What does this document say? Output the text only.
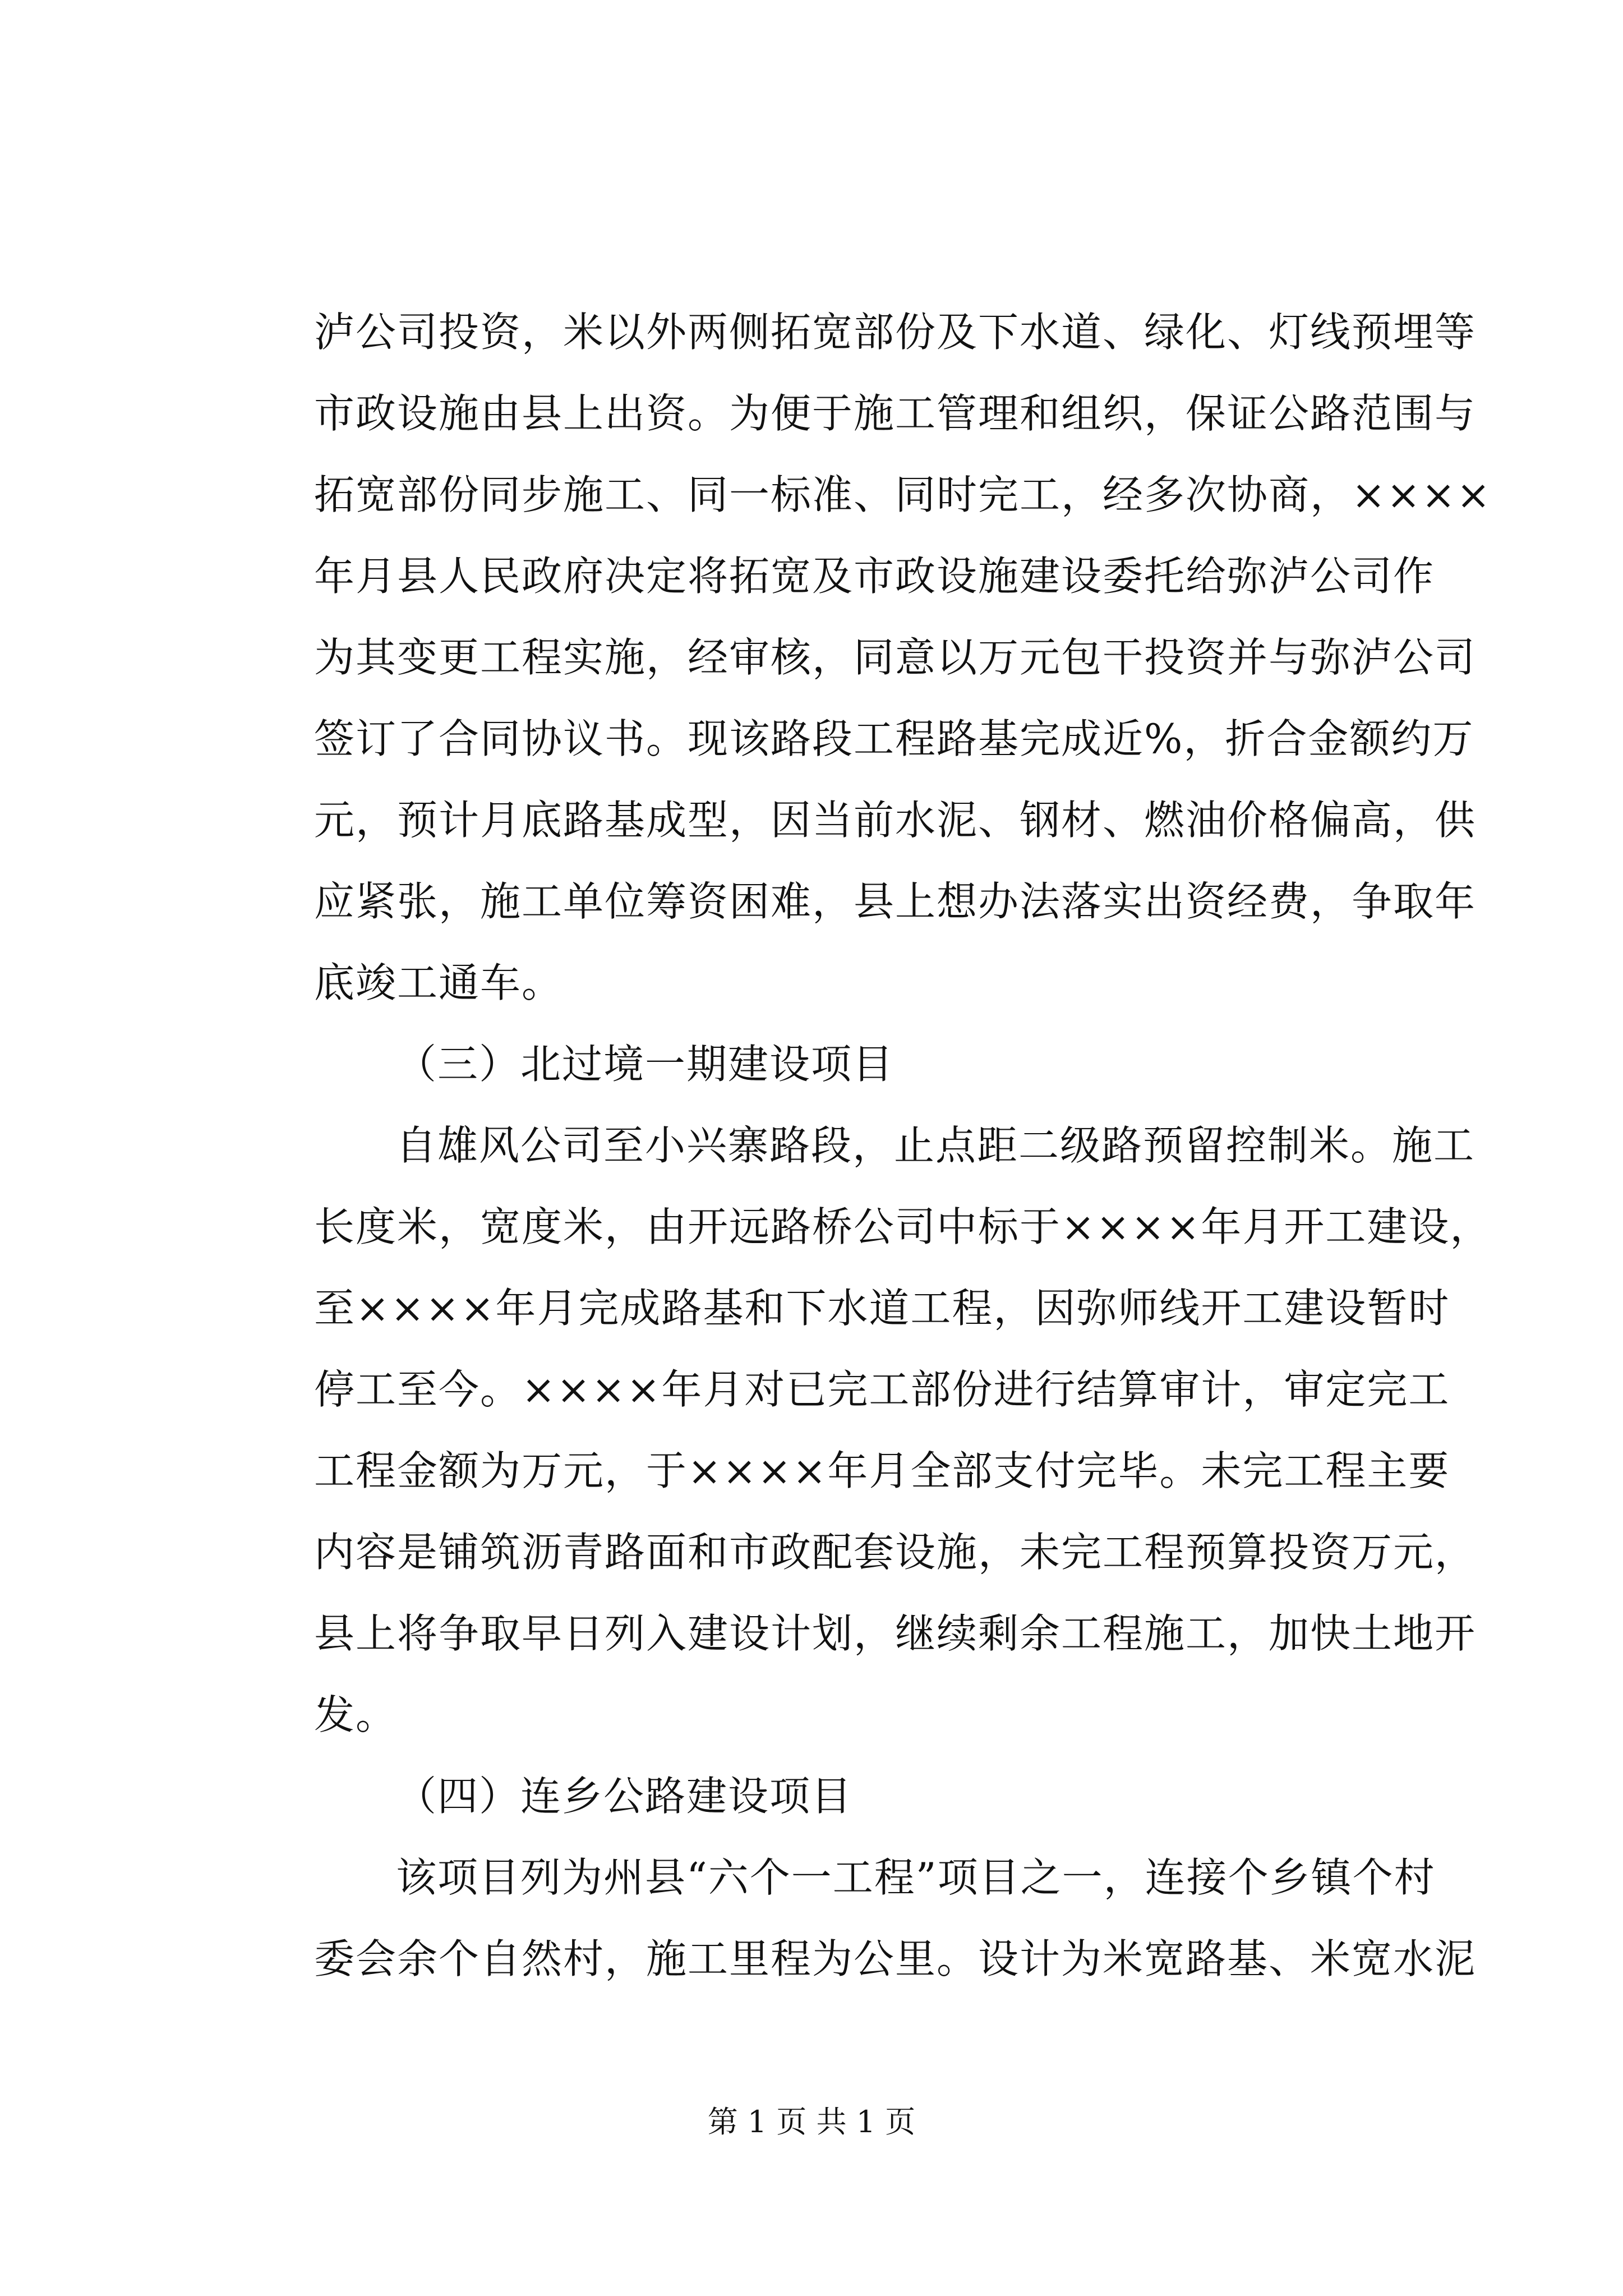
泸公司投资，米以外两侧拓宽部份及下水道、绿化、灯线预埋等
市政设施由县上出资。为便于施工管理和组织，保证公路范围与
拓宽部份同步施工、同一标准、同时完工，经多次协商，××××
年月县人民政府决定将拓宽及市政设施建设委托给弥泸公司作
为其变更工程实施，经审核，同意以万元包干投资并与弥泸公司
签订了合同协议书。现该路段工程路基完成近%，折合金额约万
元，预计月底路基成型，因当前水泥、钢材、燃油价格偏高，供
应紧张，施工单位筹资困难，县上想办法落实出资经费，争取年
底竣工通车。
（三）北过境一期建设项目
自雄风公司至小兴寨路段，止点距二级路预留控制米。施工
长度米，宽度米，由开远路桥公司中标于××××年月开工建设，
至××××年月完成路基和下水道工程，因弥师线开工建设暂时
停工至今。××××年月对已完工部份进行结算审计，审定完工
工程金额为万元，于××××年月全部支付完毕。未完工程主要
内容是铺筑沥青路面和市政配套设施，未完工程预算投资万元，
县上将争取早日列入建设计划，继续剩余工程施工，加快土地开
发。
（四）连乡公路建设项目
该项目列为州县“六个一工程”项目之一，连接个乡镇个村
委会余个自然村，施工里程为公里。设计为米宽路基、米宽水泥
第 1 页 共 1 页
